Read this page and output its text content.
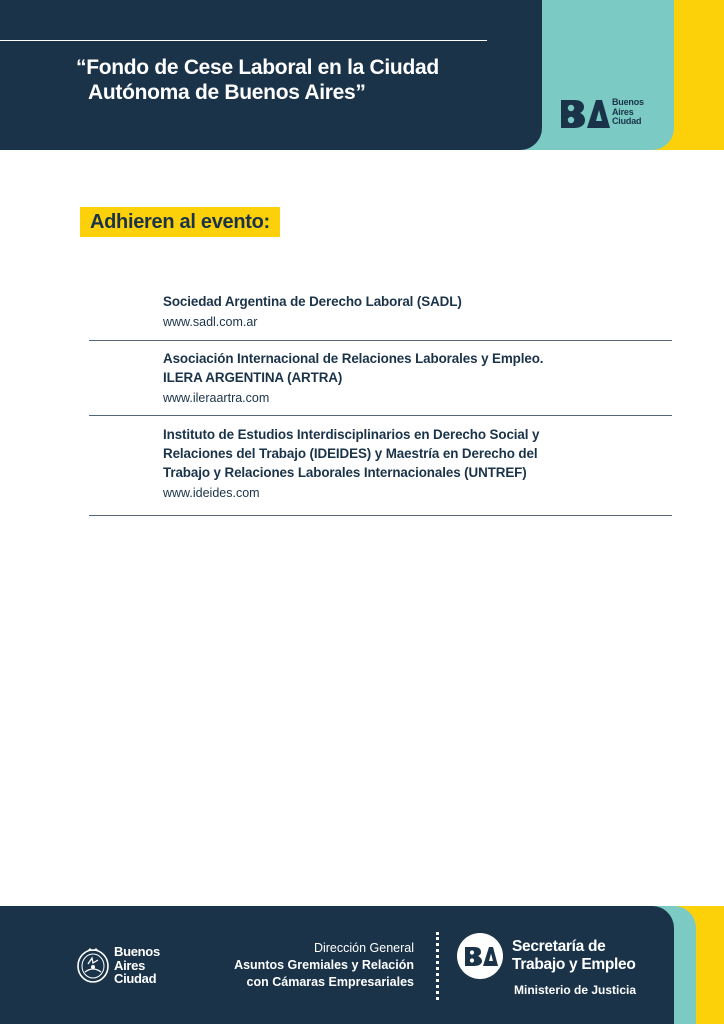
“Fondo de Cese Laboral en la Ciudad
Autónoma de Buenos Aires”	Buenos
Aires
Ciudad
Adhieren al evento:
Sociedad Argentina de Derecho Laboral (SADL)
www.sadl.com.ar
Asociación Internacional de Relaciones Laborales y Empleo.
ILERA ARGENTINA (ARTRA)
www.ileraartra.com
Instituto de Estudios Interdisciplinarios en Derecho Social y
Relaciones del Trabajo (IDEIDES) y Maestría en Derecho del
Trabajo y Relaciones Laborales Internacionales (UNTREF)
www.ideides.com
Buenos
Aires
Ciudad
Dirección General
Asuntos Gremiales y Relación
con Cámaras Empresariales
Secretaría de
Trabajo y Empleo
Ministerio de Justicia
